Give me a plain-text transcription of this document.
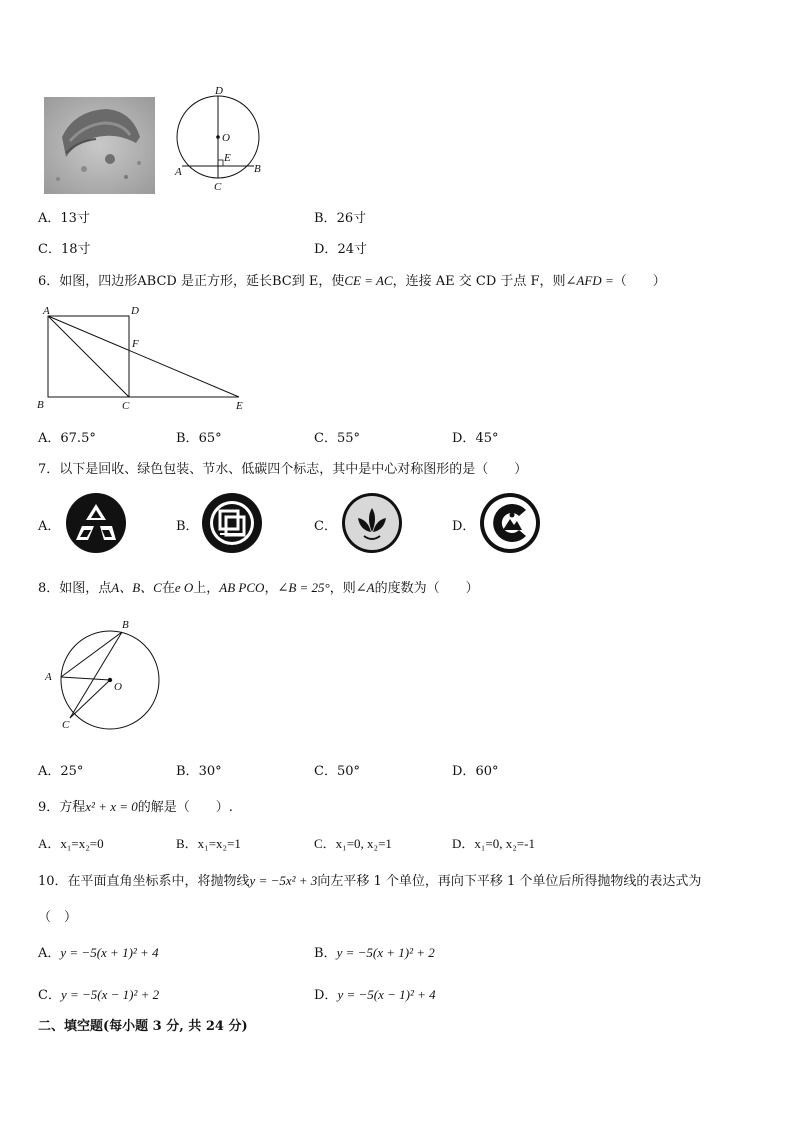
D
O
E
A	B
C
A．13寸	B．26寸
C．18寸	D．24寸
6．如图，四边形ABCD 是正方形，延长BC到 E，使CE = AC，连接 AE 交 CD 于点 F，则∠AFD =（　　）
A	D
F
B	C	E
A．67.5°	B．65°	C．55°	D．45°
7．以下是回收、绿色包装、节水、低碳四个标志，其中是中心对称图形的是（　　）
A．	B．	C．	D．
8．如图，点A、B、C在e O上，AB PCO，∠B = 25°，则∠A的度数为（　　）
B
A
O
C
A．25°	B．30°	C．50°	D．60°
9．方程x² + x = 0的解是（　　）.
A．x₁=x₂=0	B．x₁=x₂=1	C．x₁=0, x₂=1	D．x₁=0, x₂=-1
10．在平面直角坐标系中，将抛物线y = −5x² + 3向左平移 1 个单位，再向下平移 1 个单位后所得抛物线的表达式为
（　）
A．y = −5(x + 1)² + 4	B．y = −5(x + 1)² + 2
C．y = −5(x − 1)² + 2	D．y = −5(x − 1)² + 4
二、填空题(每小题 3 分, 共 24 分)
